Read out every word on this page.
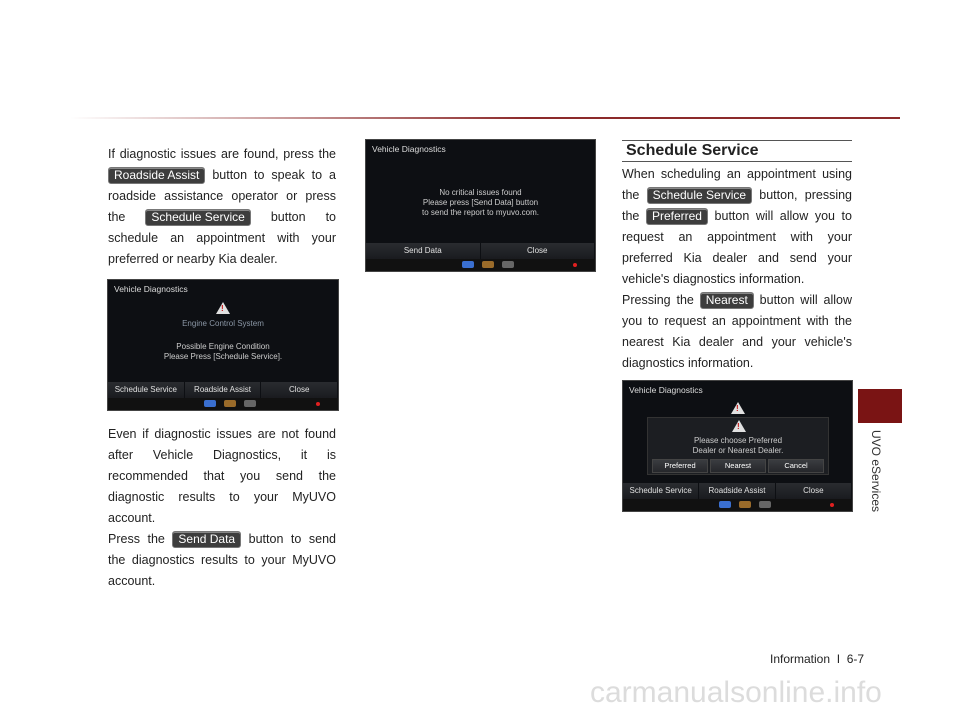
UVO eServices

If diagnostic issues are found, press the Roadside Assist button to speak to a roadside assistance operator or press the Schedule Service button to schedule an appointment with your preferred or nearby Kia dealer.

Vehicle Diagnostics
!
Engine Control System
Possible Engine Condition
Please Press [Schedule Service].
Schedule Service	Roadside Assist	Close

Even if diagnostic issues are not found after Vehicle Diagnostics, it is recommended that you send the diagnostic results to your MyUVO account.

Press the Send Data button to send the diagnostics results to your MyUVO account.

Vehicle Diagnostics
No critical issues found
Please press [Send Data] button
to send the report to myuvo.com.
Send Data	Close
Schedule Service

When scheduling an appointment using the Schedule Service button, pressing the Preferred button will allow you to request an appointment with your preferred Kia dealer and send your vehicle's diagnostics information.

Pressing the Nearest button will allow you to request an appointment with the nearest Kia dealer and your vehicle's diagnostics information.

Vehicle Diagnostics
!
!
Please choose Preferred
Dealer or Nearest Dealer.
Preferred	Nearest	Cancel
Schedule Service	Roadside Assist	Close
Information I 6-7
carmanualsonline.info
